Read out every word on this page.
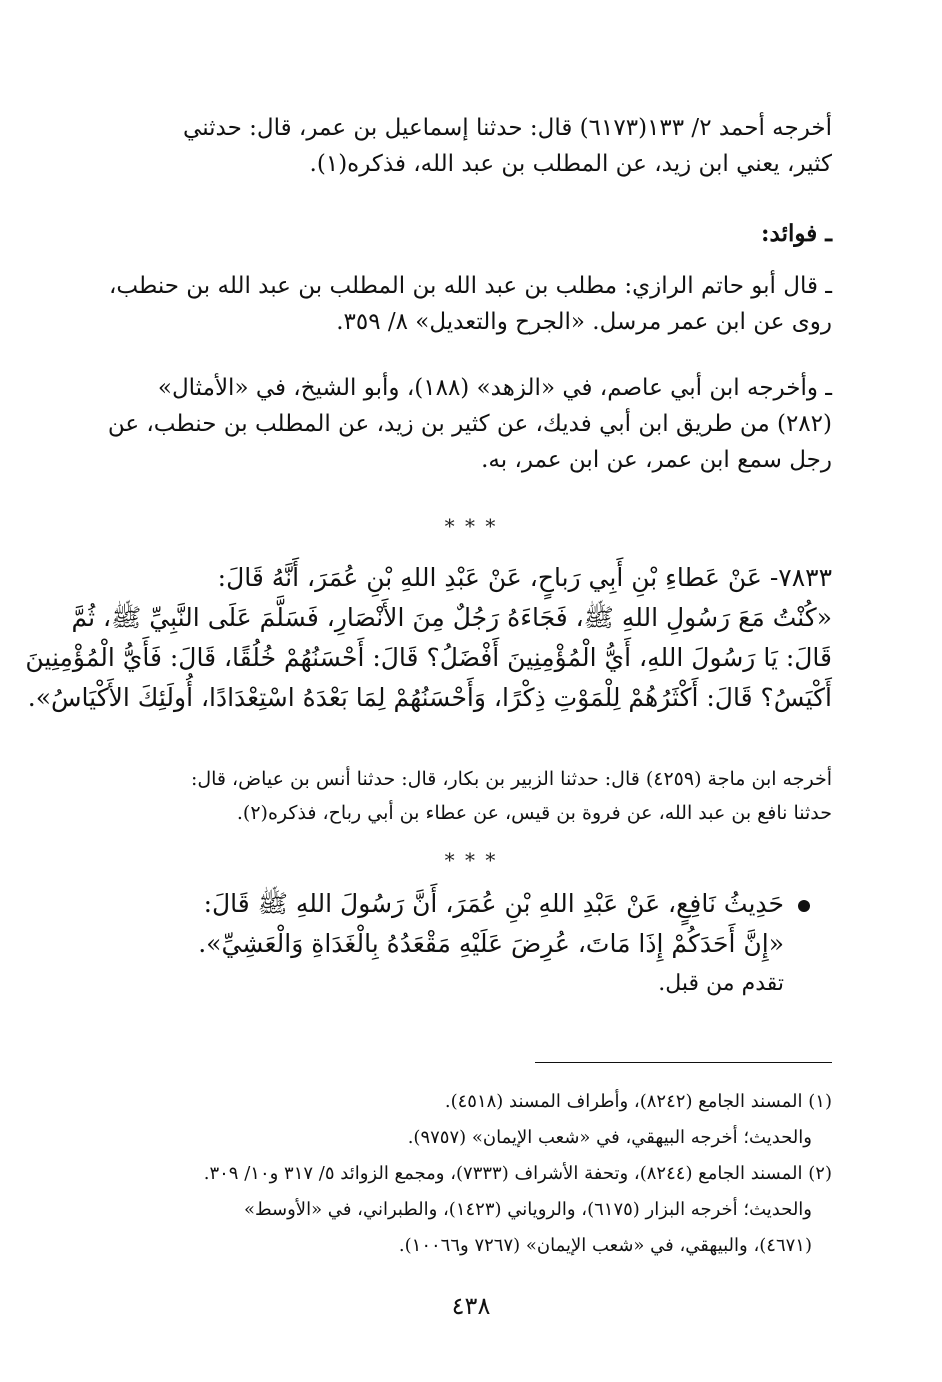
أخرجه أحمد ٢/ ١٣٣(٦١٧٣) قال: حدثنا إسماعيل بن عمر، قال: حدثني
كثير، يعني ابن زيد، عن المطلب بن عبد الله، فذكره(١).
ـ فوائد:
ـ قال أبو حاتم الرازي: مطلب بن عبد الله بن المطلب بن عبد الله بن حنطب،
روى عن ابن عمر مرسل. «الجرح والتعديل» ٨/ ٣٥٩.
ـ وأخرجه ابن أبي عاصم، في «الزهد» (١٨٨)، وأبو الشيخ، في «الأمثال»
(٢٨٢) من طريق ابن أبي فديك، عن كثير بن زيد، عن المطلب بن حنطب، عن
رجل سمع ابن عمر، عن ابن عمر، به.
* * *
٧٨٣٣- عَنْ عَطاءِ بْنِ أَبِي رَباحٍ، عَنْ عَبْدِ اللهِ بْنِ عُمَرَ، أَنَّهُ قَالَ:
«كُنْتُ مَعَ رَسُولِ اللهِ ﷺ، فَجَاءَهُ رَجُلٌ مِنَ الأَنْصَارِ، فَسَلَّمَ عَلَى النَّبِيِّ ﷺ، ثُمَّ
قَالَ: يَا رَسُولَ اللهِ، أَيُّ الْمُؤْمِنِينَ أَفْضَلُ؟ قَالَ: أَحْسَنُهُمْ خُلُقًا، قَالَ: فَأَيُّ الْمُؤْمِنِينَ
أَكْيَسُ؟ قَالَ: أَكْثَرُهُمْ لِلْمَوْتِ ذِكْرًا، وَأَحْسَنُهُمْ لِمَا بَعْدَهُ اسْتِعْدَادًا، أُولَئِكَ الأَكْيَاسُ».
أخرجه ابن ماجة (٤٢٥٩) قال: حدثنا الزبير بن بكار، قال: حدثنا أنس بن عياض، قال:
حدثنا نافع بن عبد الله، عن فروة بن قيس، عن عطاء بن أبي رباح، فذكره(٢).
* * *
حَدِيثُ نَافِعٍ، عَنْ عَبْدِ اللهِ بْنِ عُمَرَ، أَنَّ رَسُولَ اللهِ ﷺ قَالَ:
«إِنَّ أَحَدَكُمْ إِذَا مَاتَ، عُرِضَ عَلَيْهِ مَقْعَدُهُ بِالْغَدَاةِ وَالْعَشِيِّ».
تقدم من قبل.
(١) المسند الجامع (٨٢٤٢)، وأطراف المسند (٤٥١٨).
والحديث؛ أخرجه البيهقي، في «شعب الإيمان» (٩٧٥٧).
(٢) المسند الجامع (٨٢٤٤)، وتحفة الأشراف (٧٣٣٣)، ومجمع الزوائد ٥/ ٣١٧ و١٠/ ٣٠٩.
والحديث؛ أخرجه البزار (٦١٧٥)، والروياني (١٤٢٣)، والطبراني، في «الأوسط»
(٤٦٧١)، والبيهقي، في «شعب الإيمان» (٧٢٦٧ و١٠٠٦٦).
٤٣٨
